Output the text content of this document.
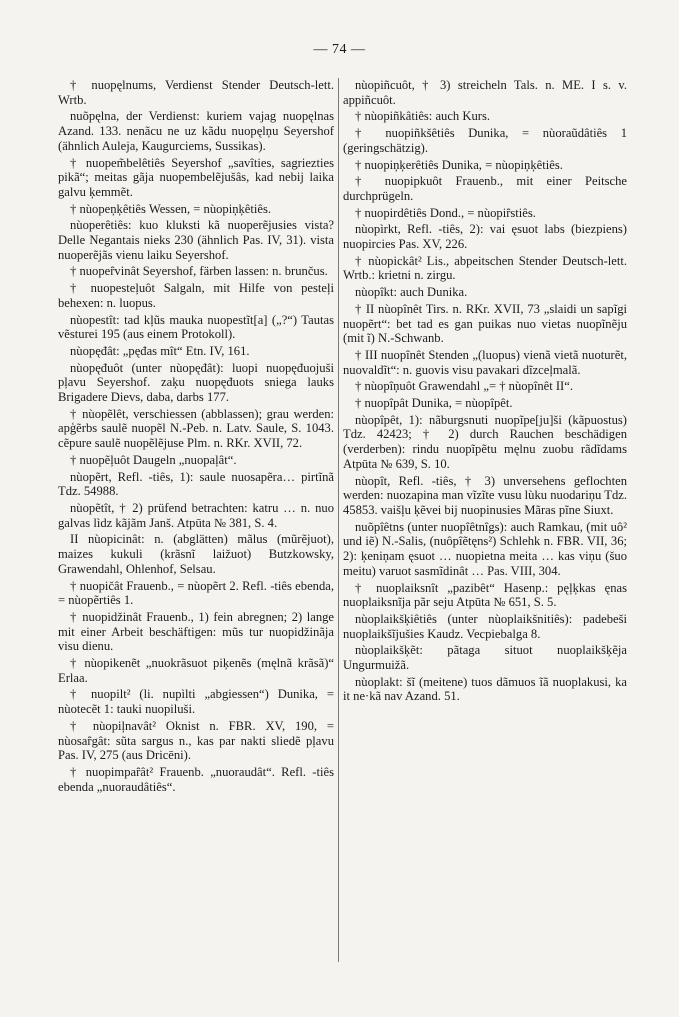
— 74 —

† nuopęlnums, Verdienst Stender Deutsch-lett. Wrtb.

nuõpęlna, der Verdienst: kuriem vajag nuopęlnas Azand. 133. nenãcu ne uz kãdu nuopęlņu Seyershof (ähnlich Auleja, Kaugurciems, Sussikas).

† nuopem̃belêtiês Seyershof „savîties, sagriezties pikã“; meitas gãja nuopembelẽjušâs, kad nebij laika galvu ķemmẽt.

† nùopeņķêtiês Wessen, = nùopiņķêtiês.

nùoperêtiês: kuo kluksti kã nuoperẽjusies vista? Delle Negantais nieks 230 (ähnlich Pas. IV, 31). vista nuoperẽjãs vienu laiku Seyershof.

† nuopeȓvinât Seyershof, färben lassen: n. brunčus.

† nuopesteļuôt Salgaln, mit Hilfe von pesteļi behexen: n. luopus.

nùopestît: tad kļũs mauka nuopestĩt[a] („?“) Tautas vẽsturei 195 (aus einem Protokoll).

nùopęđât: „pęđas mît“ Etn. IV, 161.

nùopęđuôt (unter nùopęđât): luopi nuopęđuojuši pļavu Seyershof. zaķu nuopęđuots sniega lauks Brigadere Dievs, daba, darbs 177.

† nùopẽlêt, verschiessen (abblassen); grau werden: apģẽrbs saulẽ nuopẽl N.-Peb. n. Latv. Saule, S. 1043. cẽpure saulẽ nuopẽlẽjuse Plm. n. RKr. XVII, 72.

† nuopẽļuôt Daugeln „nuopaļât“.

nùopẽrt, Refl. -tiês, 1): saule nuosapẽra… pirtĩnã Tdz. 54988.

nùopẽtît, † 2) prüfend betrachten: katru … n. nuo galvas lìdz kãjãm Janš. Atpūta № 381, S. 4.

II nùopicinât: n. (abglätten) mãlus (mũrẽjuot), maizes kukuli (krãsnĩ laižuot) Butzkowsky, Grawendahl, Ohlenhof, Selsau.

† nuopičât Frauenb., = nùopẽrt 2. Refl. -tiês ebenda, = nùopẽrtiês 1.

† nuopidžinât Frauenb., 1) fein abregnen; 2) lange mit einer Arbeit beschäftigen: mũs tur nuopidžinãja visu dienu.

† nùopikenẽt „nuokrãsuot piķenẽs (męlnã krãsã)“ Erlaa.

† nuopilt² (li. nupìlti „abgiessen“) Dunika, = nùotecẽt 1: tauki nuopiluši.

† nùopiļnavât² Oknist n. FBR. XV, 190, = nùosaȓgât: sũta sargus n., kas par nakti sliedẽ pļavu Pas. IV, 275 (aus Dricēni).

† nuopimpaȓât² Frauenb. „nuoraudât“. Refl. -tiês ebenda „nuoraudâtiês“.

nùopiñcuôt, † 3) streicheln Tals. n. ME. I s. v. appiñcuôt.

† nùopiñkâtiês: auch Kurs.

† nuopiñkšêtiês Dunika, = nùoraũdâtiês 1 (geringschätzig).

† nuopiņķerêtiês Dunika, = nùopiņķêtiês.

† nuopipkuôt Frauenb., mit einer Peitsche durchprügeln.

† nuopirdêtiês Dond., = nùopiȓstiês.

nùopìrkt, Refl. -tiês, 2): vai ęsuot labs (biezpiens) nuopircies Pas. XV, 226.

† nùopickât² Lis., abpeitschen Stender Deutsch-lett. Wrtb.: krietni n. zirgu.

nùopîkt: auch Dunika.

† II nùopînêt Tirs. n. RKr. XVII, 73 „slaidi un sapĩgi nuopẽrt“: bet tad es gan puikas nuo vietas nuopĩnẽju (mit ĩ) N.-Schwanb.

† III nuopînêt Stenden „(luopus) vienã vietã nuoturẽt, nuovaldĩt“: n. guovis visu pavakari dĩzceļmalã.

† nùopîņuôt Grawendahl „= † nùopînêt II“.

† nuopîpât Dunika, = nùopîpêt.

nùopîpêt, 1): nãburgsnuti nuopĩpe[ju]ši (kãpuostus) Tdz. 42423; † 2) durch Rauchen beschädigen (verderben): rindu nuopĩpẽtu męlnu zuobu rãdĩdams Atpūta № 639, S. 10.

nùopît, Refl. -tiês, † 3) unversehens geflochten werden: nuozapina man vĩzĩte vusu lùku nuodariņu Tdz. 45853. vaišļu ķẽvei bij nuopinusies Mãras pĩne Siuxt.

nuõpîêtns (unter nuopîêtnîgs): auch Ramkau, (mit uô² und iẽ) N.-Salis, (nuôpîẽtęns²) Schlehk n. FBR. VII, 36; 2): ķeniņam ęsuot … nuopietna meita … kas viņu (šuo meitu) varuot sasmĩdinât … Pas. VIII, 304.

† nuoplaiksnît „pazibêt“ Hasenp.: pęļķkas ęnas nuoplaiksnĩja pãr seju Atpūta № 651, S. 5.

nùoplaikšķiêtiês (unter nùoplaikšnitiês): padebeši nuoplaikšĩjušies Kaudz. Vecpiebalga 8.

nùoplaikšķẽt: pãtaga situot nuoplaikšķẽja Ungurmuižã.

nùoplakt: šĩ (meitene) tuos dãmuos ĩã nuoplakusi, ka it ne·kã nav Azand. 51.
